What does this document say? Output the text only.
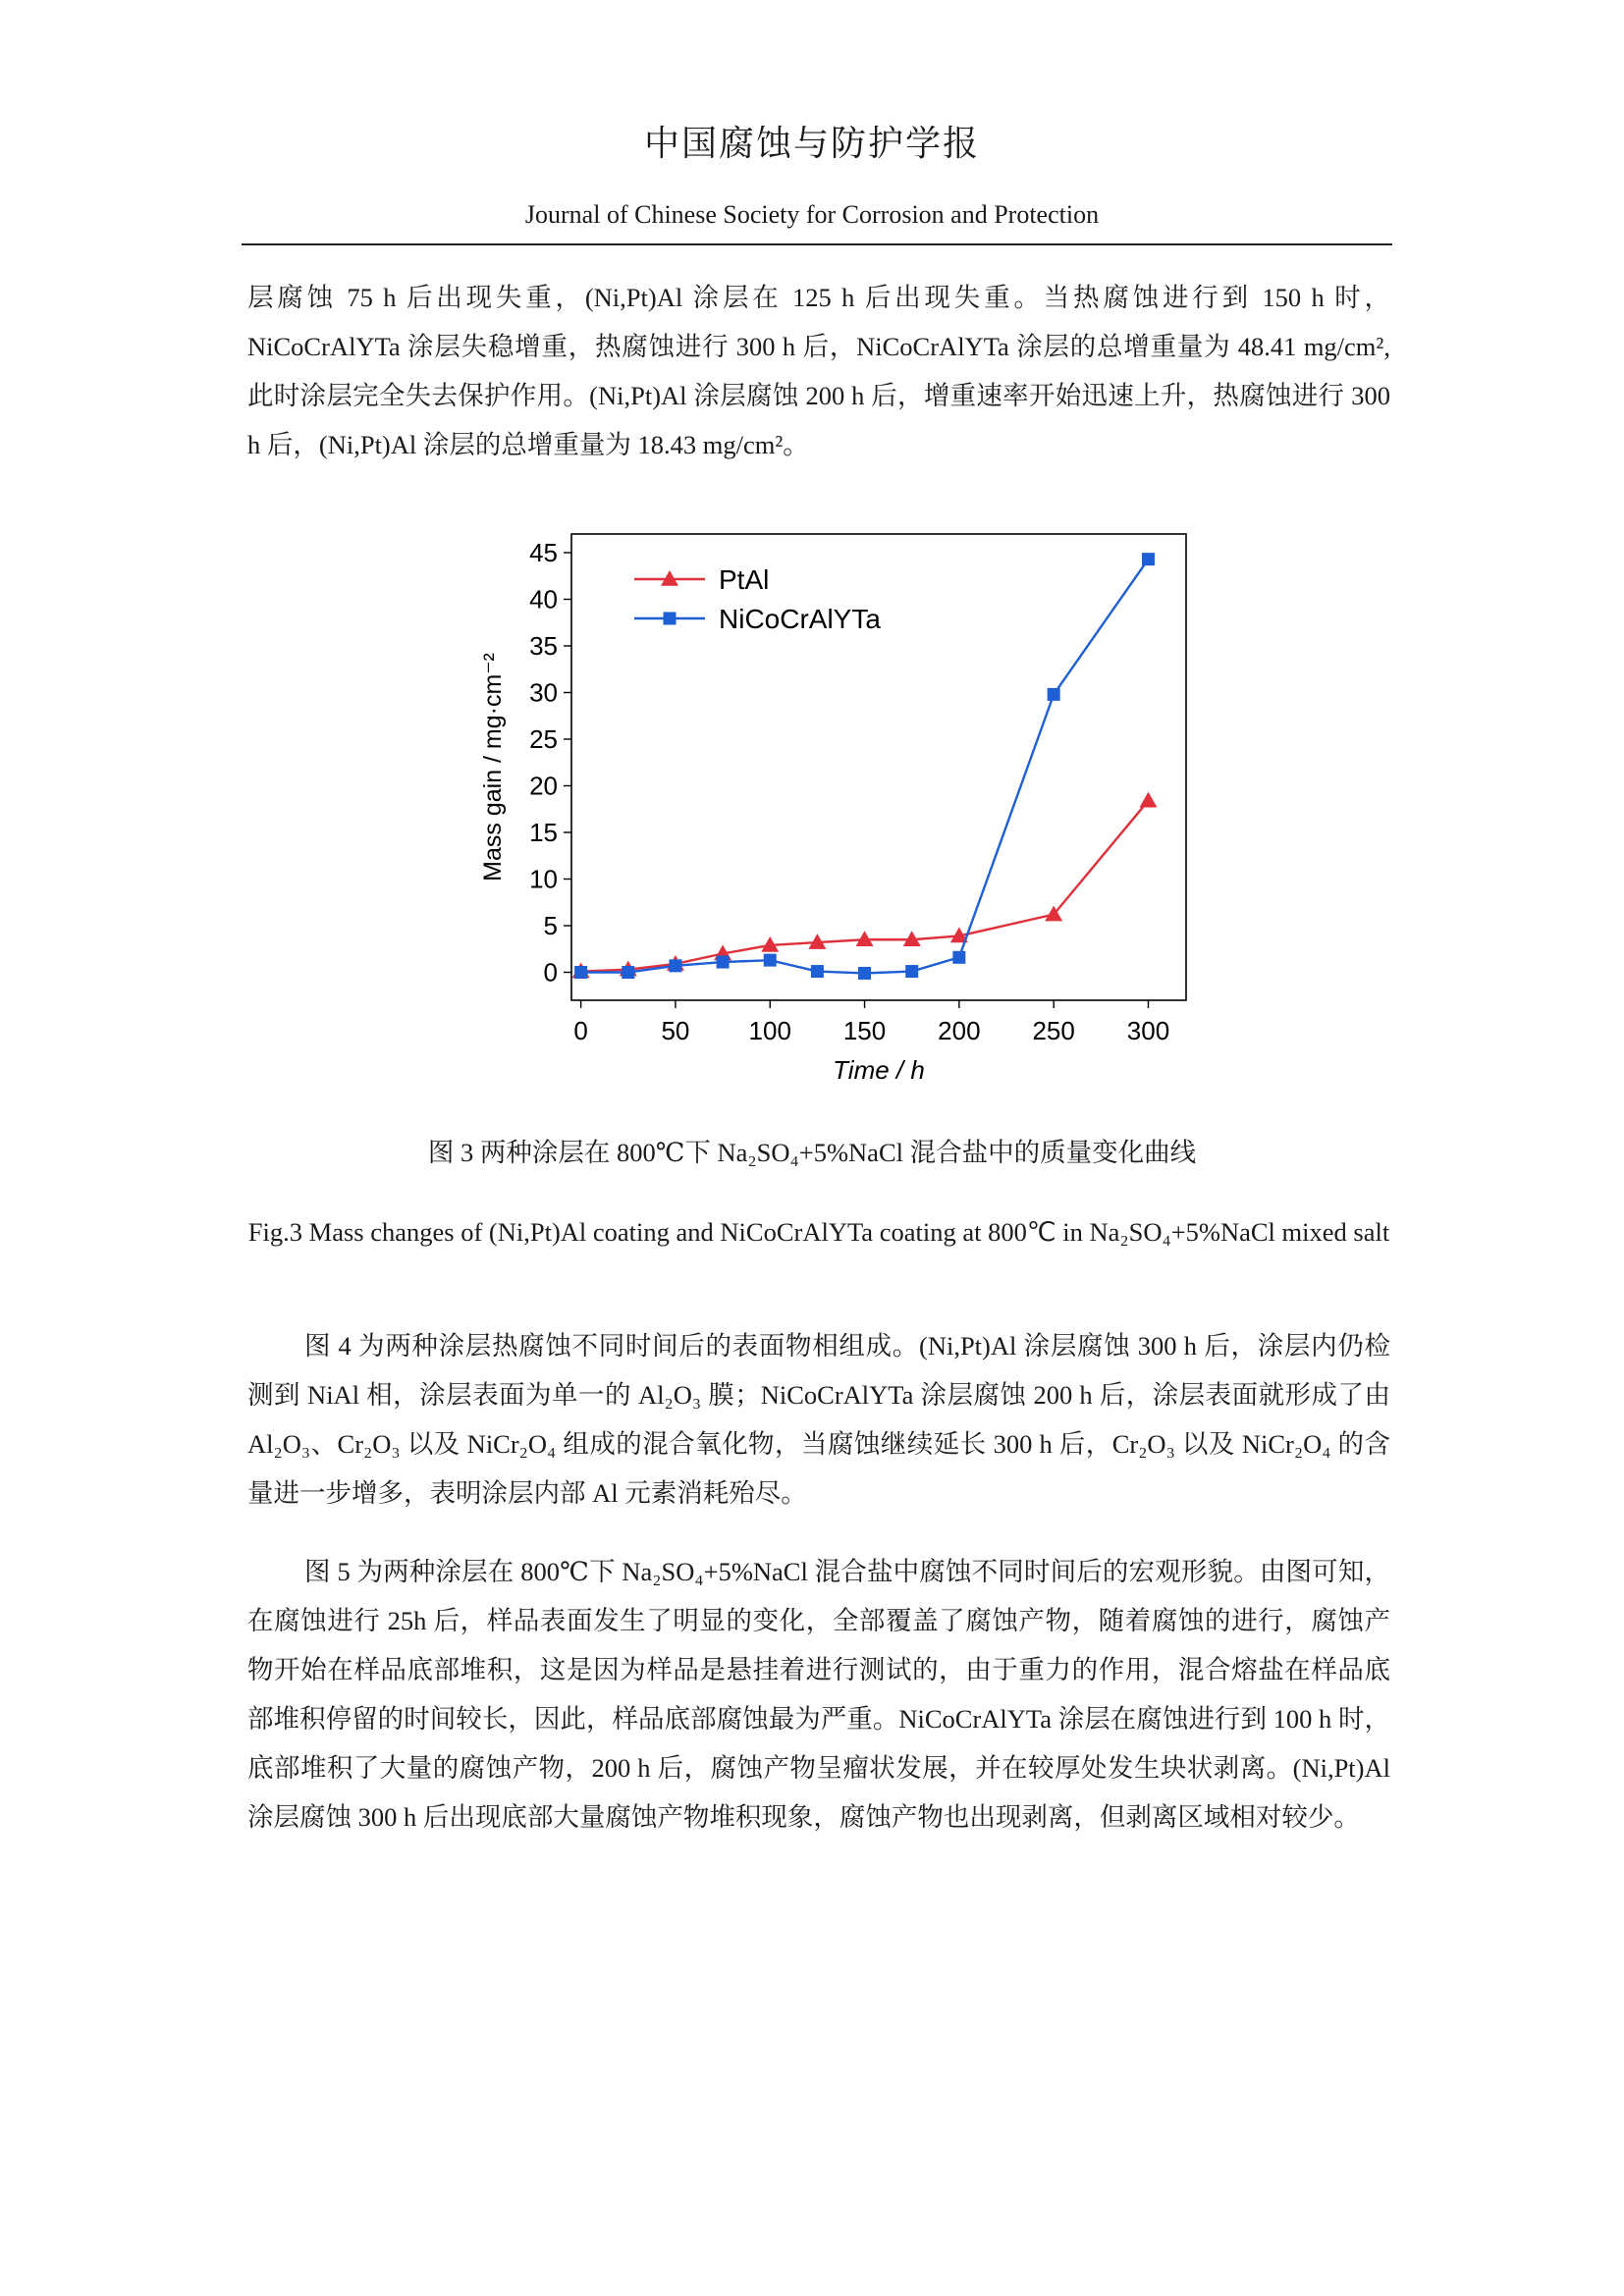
中国腐蚀与防护学报
Journal of Chinese Society for Corrosion and Protection

层腐蚀 75 h 后出现失重，(Ni,Pt)Al 涂层在 125 h 后出现失重。当热腐蚀进行到 150 h 时，NiCoCrAlYTa 涂层失稳增重，热腐蚀进行 300 h 后，NiCoCrAlYTa 涂层的总增重量为 48.41 mg/cm², 此时涂层完全失去保护作用。(Ni,Pt)Al 涂层腐蚀 200 h 后，增重速率开始迅速上升，热腐蚀进行 300 h 后，(Ni,Pt)Al 涂层的总增重量为 18.43 mg/cm²。

0	50 100 150 200 250 300
0
5
10
15
20
25
30
35
40
45
Time / h
Mass gain / mg·cm⁻²
PtAl
NiCoCrAlYTa
图 3 两种涂层在 800℃下 Na₂SO₄+5%NaCl 混合盐中的质量变化曲线
Fig.3 Mass changes of (Ni,Pt)Al coating and NiCoCrAlYTa coating at 800℃ in Na₂SO₄+5%NaCl mixed salt

图 4 为两种涂层热腐蚀不同时间后的表面物相组成。(Ni,Pt)Al 涂层腐蚀 300 h 后，涂层内仍检测到 NiAl 相，涂层表面为单一的 Al₂O₃ 膜；NiCoCrAlYTa 涂层腐蚀 200 h 后，涂层表面就形成了由 Al₂O₃、Cr₂O₃ 以及 NiCr₂O₄ 组成的混合氧化物，当腐蚀继续延长 300 h 后，Cr₂O₃ 以及 NiCr₂O₄ 的含量进一步增多，表明涂层内部 Al 元素消耗殆尽。

图 5 为两种涂层在 800℃下 Na₂SO₄+5%NaCl 混合盐中腐蚀不同时间后的宏观形貌。由图可知，在腐蚀进行 25h 后，样品表面发生了明显的变化，全部覆盖了腐蚀产物，随着腐蚀的进行，腐蚀产物开始在样品底部堆积，这是因为样品是悬挂着进行测试的，由于重力的作用，混合熔盐在样品底部堆积停留的时间较长，因此，样品底部腐蚀最为严重。NiCoCrAlYTa 涂层在腐蚀进行到 100 h 时，底部堆积了大量的腐蚀产物，200 h 后，腐蚀产物呈瘤状发展，并在较厚处发生块状剥离。(Ni,Pt)Al 涂层腐蚀 300 h 后出现底部大量腐蚀产物堆积现象，腐蚀产物也出现剥离，但剥离区域相对较少。
